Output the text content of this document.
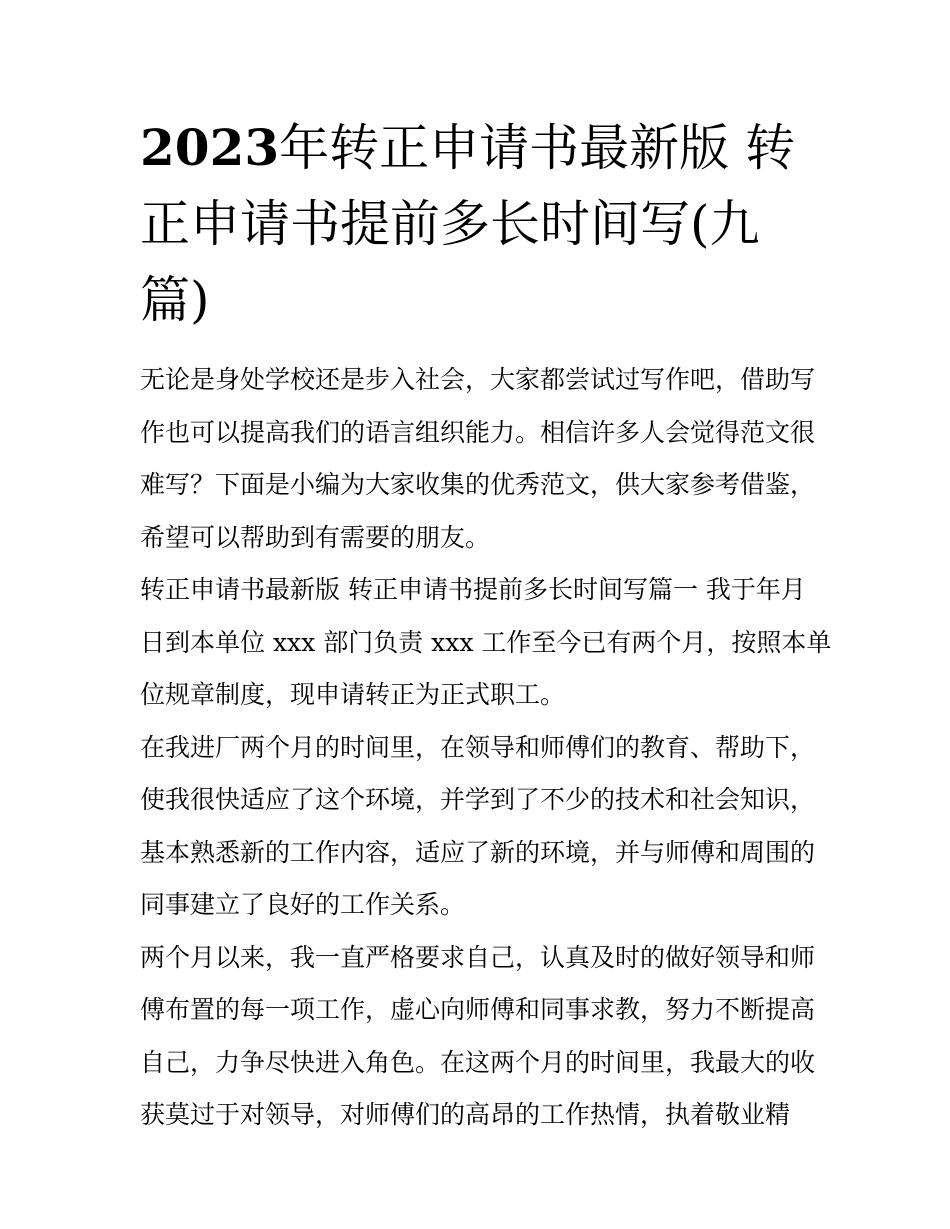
2023年转正申请书最新版 转
正申请书提前多长时间写(九
篇)
无论是身处学校还是步入社会，大家都尝试过写作吧，借助写
作也可以提高我们的语言组织能力。相信许多人会觉得范文很
难写？下面是小编为大家收集的优秀范文，供大家参考借鉴，
希望可以帮助到有需要的朋友。
转正申请书最新版 转正申请书提前多长时间写篇一 我于年月
日到本单位 xxx 部门负责 xxx 工作至今已有两个月，按照本单
位规章制度，现申请转正为正式职工。
在我进厂两个月的时间里，在领导和师傅们的教育、帮助下，
使我很快适应了这个环境，并学到了不少的技术和社会知识，
基本熟悉新的工作内容，适应了新的环境，并与师傅和周围的
同事建立了良好的工作关系。
两个月以来，我一直严格要求自己，认真及时的做好领导和师
傅布置的每一项工作，虚心向师傅和同事求教，努力不断提高
自己，力争尽快进入角色。在这两个月的时间里，我最大的收
获莫过于对领导，对师傅们的高昂的工作热情，执着敬业精
